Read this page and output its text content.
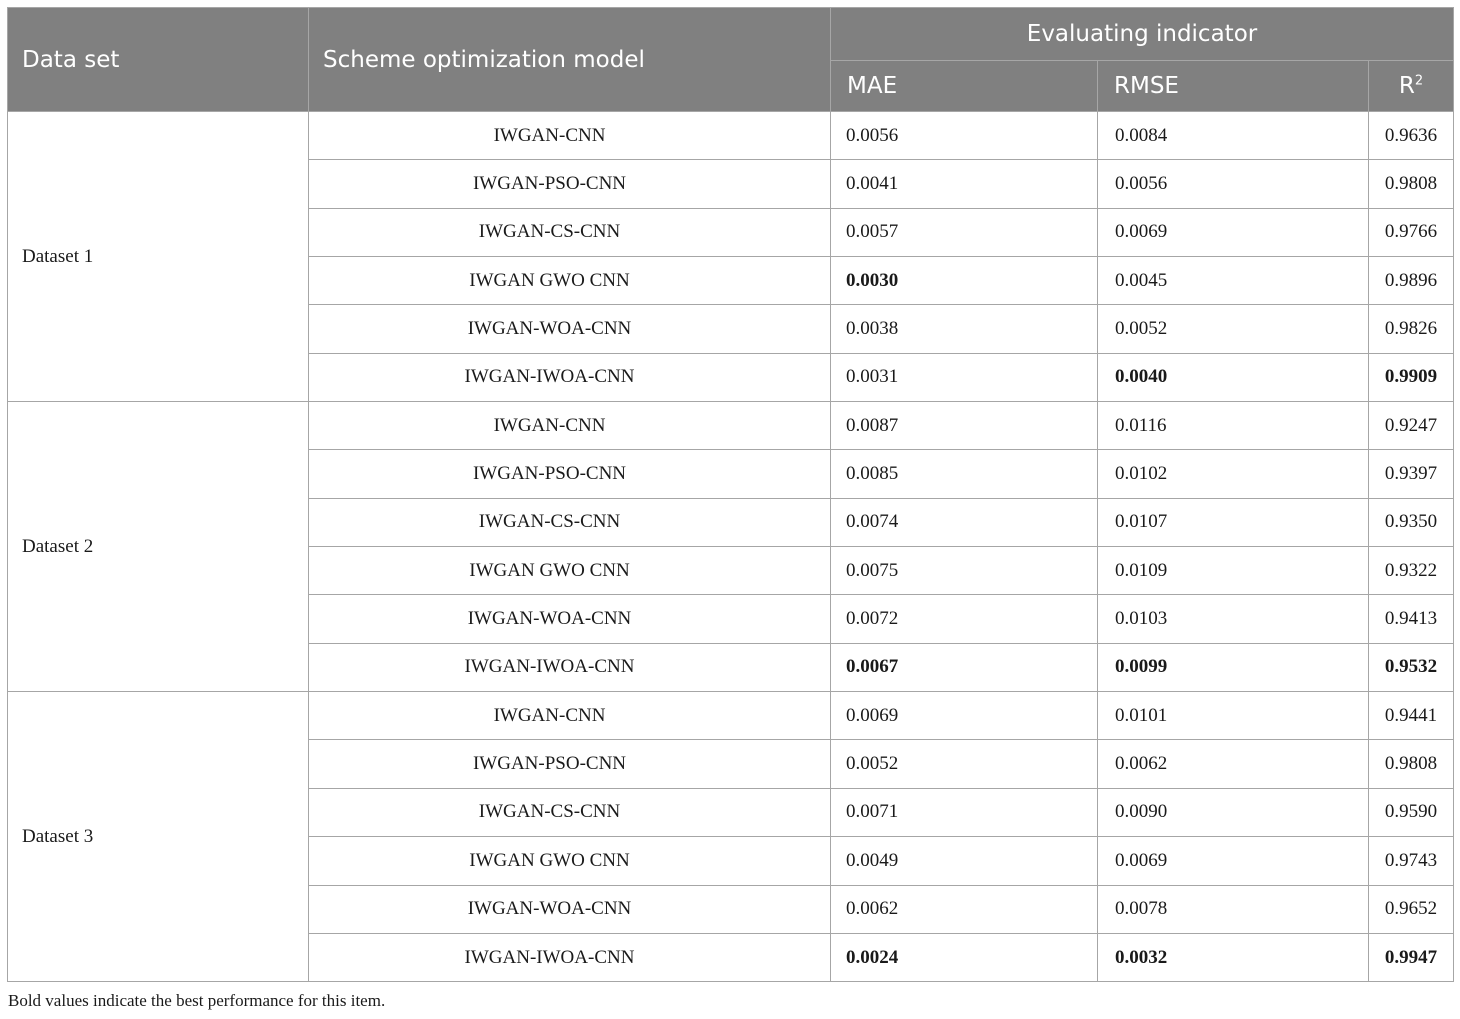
Data set	Scheme optimization model	Evaluating indicator		
		MAE	RMSE	$R^2$
Dataset 1	IWGAN-CNN	0.0056	0.0084	0.9636
	IWGAN-PSO-CNN	0.0041	0.0056	0.9808
	IWGAN-CS-CNN	0.0057	0.0069	0.9766
	IWGAN GWO CNN	0.0030	0.0045	0.9896
	IWGAN-WOA-CNN	0.0038	0.0052	0.9826
	IWGAN-IWOA-CNN	0.0031	0.0040	0.9909
Dataset 2	IWGAN-CNN	0.0087	0.0116	0.9247
	IWGAN-PSO-CNN	0.0085	0.0102	0.9397
	IWGAN-CS-CNN	0.0074	0.0107	0.9350
	IWGAN GWO CNN	0.0075	0.0109	0.9322
	IWGAN-WOA-CNN	0.0072	0.0103	0.9413
	IWGAN-IWOA-CNN	0.0067	0.0099	0.9532
Dataset 3	IWGAN-CNN	0.0069	0.0101	0.9441
	IWGAN-PSO-CNN	0.0052	0.0062	0.9808
	IWGAN-CS-CNN	0.0071	0.0090	0.9590
	IWGAN GWO CNN	0.0049	0.0069	0.9743
	IWGAN-WOA-CNN	0.0062	0.0078	0.9652
	IWGAN-IWOA-CNN	0.0024	0.0032	0.9947
Bold values indicate the best performance for this item.
